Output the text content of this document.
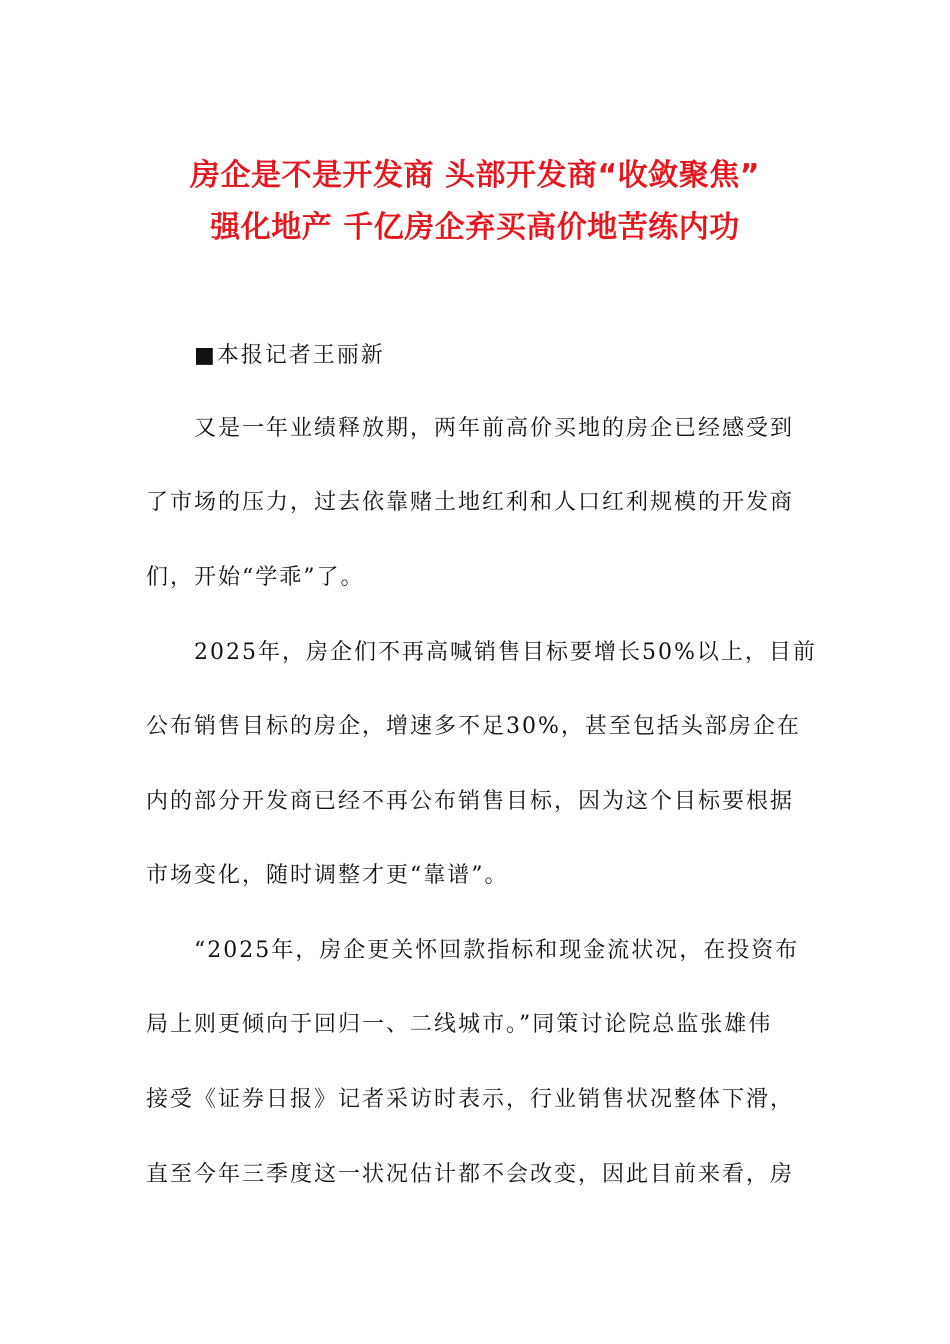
房企是不是开发商 头部开发商“收敛聚焦”
强化地产 千亿房企弃买高价地苦练内功
■本报记者王丽新
又是一年业绩释放期，两年前高价买地的房企已经感受到
了市场的压力，过去依靠赌土地红利和人口红利规模的开发商
们，开始“学乖”了。
2025年，房企们不再高喊销售目标要增长50%以上，目前
公布销售目标的房企，增速多不足30%，甚至包括头部房企在
内的部分开发商已经不再公布销售目标，因为这个目标要根据
市场变化，随时调整才更“靠谱”。
“2025年，房企更关怀回款指标和现金流状况，在投资布
局上则更倾向于回归一、二线城市。”同策讨论院总监张雄伟
接受《证券日报》记者采访时表示，行业销售状况整体下滑，
直至今年三季度这一状况估计都不会改变，因此目前来看，房
